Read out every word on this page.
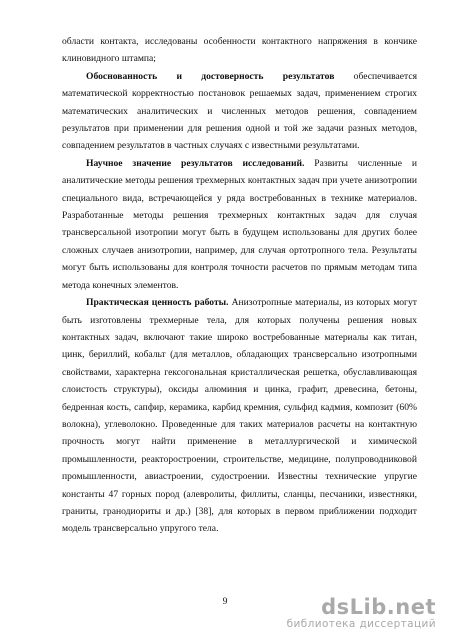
области контакта, исследованы особенности контактного напряжения в кончике клиновидного штампа;

Обоснованность и достоверность результатов обеспечивается математической корректностью постановок решаемых задач, применением строгих математических аналитических и численных методов решения, совпадением результатов при применении для решения одной и той же задачи разных методов, совпадением результатов в частных случаях с известными результатами.

Научное значение результатов исследований. Развиты численные и аналитические методы решения трехмерных контактных задач при учете анизотропии специального вида, встречающейся у ряда востребованных в технике материалов. Разработанные методы решения трехмерных контактных задач для случая трансверсальной изотропии могут быть в будущем использованы для других более сложных случаев анизотропии, например, для случая ортотропного тела. Результаты могут быть использованы для контроля точности расчетов по прямым методам типа метода конечных элементов.

Практическая ценность работы. Анизотропные материалы, из которых могут быть изготовлены трехмерные тела, для которых получены решения новых контактных задач, включают такие широко востребованные материалы как титан, цинк, бериллий, кобальт (для металлов, обладающих трансверсально изотропными свойствами, характерна гексогональная кристаллическая решетка, обуславливающая слоистость структуры), оксиды алюминия и цинка, графит, древесина, бетоны, бедренная кость, сапфир, керамика, карбид кремния, сульфид кадмия, композит (60% волокна), углеволокно. Проведенные для таких материалов расчеты на контактную прочность могут найти применение в металлургической и химической промышленности, реакторостроении, строительстве, медицине, полупроводниковой промышленности, авиастроении, судостроении. Известны технические упругие константы 47 горных пород (алевролиты, филлиты, сланцы, песчаники, известняки, граниты, гранодиориты и др.) [38], для которых в первом приближении подходит модель трансверсально упругого тела.

9	dsLib.net
библиотека диссертаций
